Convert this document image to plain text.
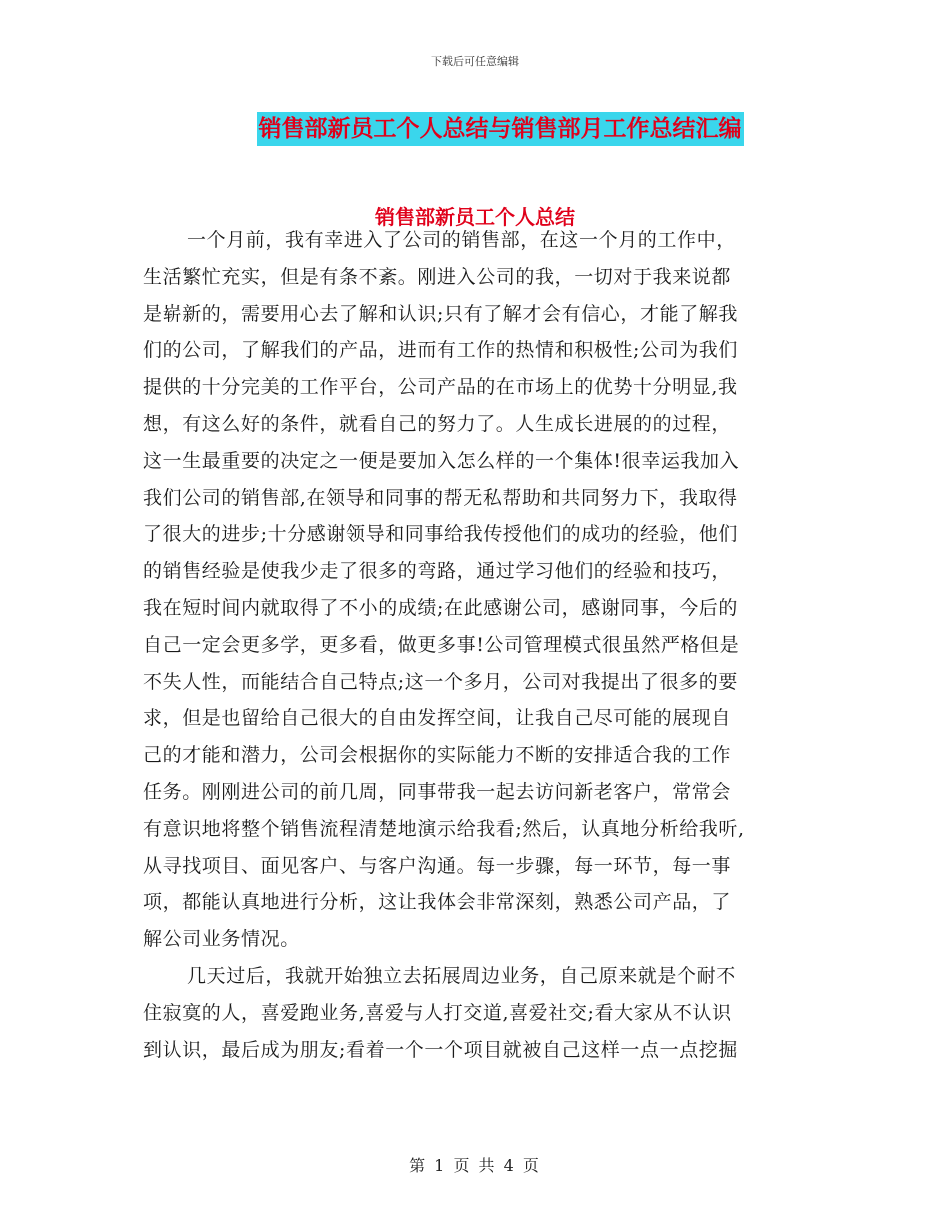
下载后可任意编辑
销售部新员工个人总结与销售部月工作总结汇编
销售部新员工个人总结
一个月前，我有幸进入了公司的销售部，在这一个月的工作中，
生活繁忙充实，但是有条不紊。刚进入公司的我，一切对于我来说都
是崭新的，需要用心去了解和认识;只有了解才会有信心，才能了解我
们的公司，了解我们的产品，进而有工作的热情和积极性;公司为我们
提供的十分完美的工作平台，公司产品的在市场上的优势十分明显,我
想，有这么好的条件，就看自己的努力了。人生成长进展的的过程，
这一生最重要的决定之一便是要加入怎么样的一个集体!很幸运我加入
我们公司的销售部,在领导和同事的帮无私帮助和共同努力下，我取得
了很大的进步;十分感谢领导和同事给我传授他们的成功的经验，他们
的销售经验是使我少走了很多的弯路，通过学习他们的经验和技巧，
我在短时间内就取得了不小的成绩;在此感谢公司，感谢同事，今后的
自己一定会更多学，更多看，做更多事!公司管理模式很虽然严格但是
不失人性，而能结合自己特点;这一个多月，公司对我提出了很多的要
求，但是也留给自己很大的自由发挥空间，让我自己尽可能的展现自
己的才能和潜力，公司会根据你的实际能力不断的安排适合我的工作
任务。刚刚进公司的前几周，同事带我一起去访问新老客户，常常会
有意识地将整个销售流程清楚地演示给我看;然后，认真地分析给我听,
从寻找项目、面见客户、与客户沟通。每一步骤，每一环节，每一事
项，都能认真地进行分析，这让我体会非常深刻，熟悉公司产品，了
解公司业务情况。
几天过后，我就开始独立去拓展周边业务，自己原来就是个耐不
住寂寞的人，喜爱跑业务,喜爱与人打交道,喜爱社交;看大家从不认识
到认识，最后成为朋友;看着一个一个项目就被自己这样一点一点挖掘
第 1 页 共 4 页
